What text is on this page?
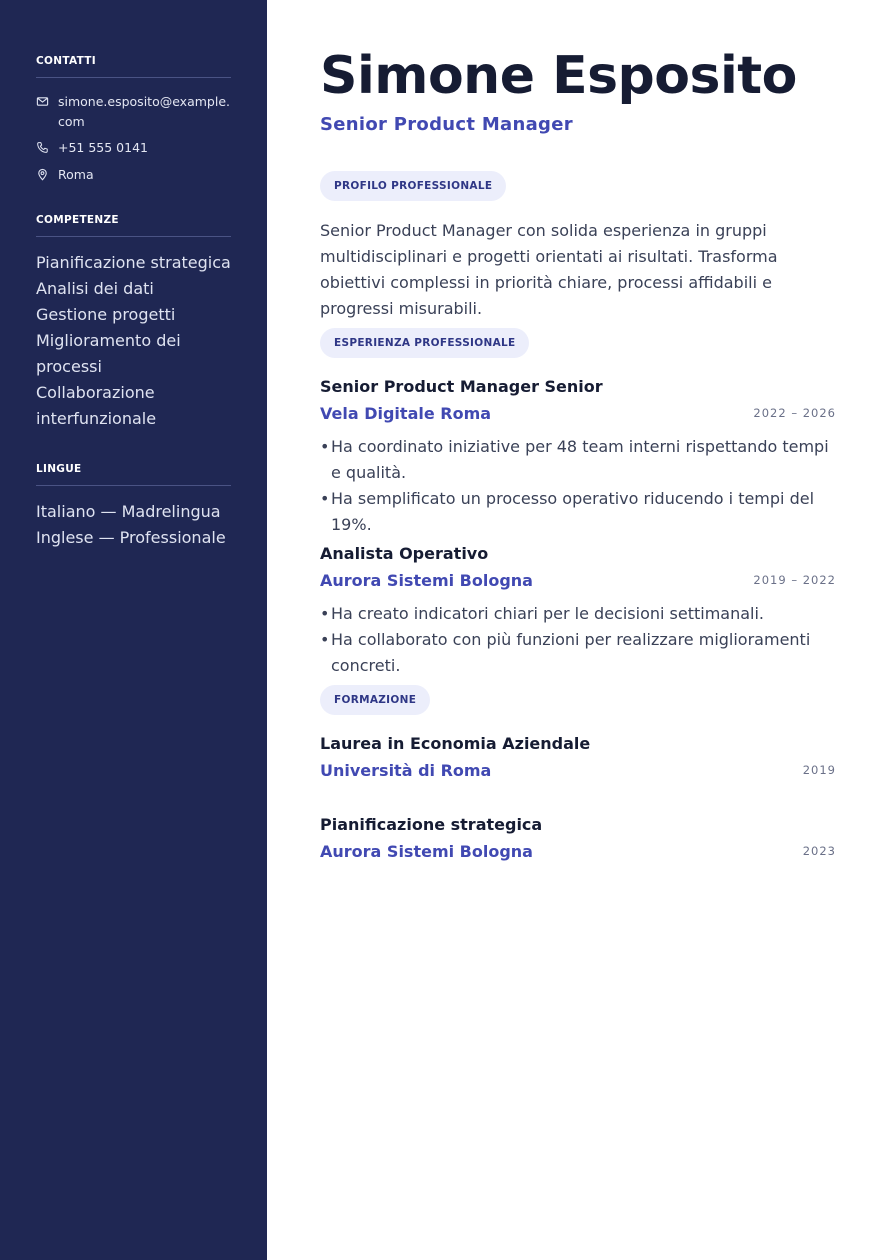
CONTATTI
simone.esposito@example.com
+51 555 0141
Roma
COMPETENZE
Pianificazione strategica
Analisi dei dati
Gestione progetti
Miglioramento dei processi
Collaborazione interfunzionale
LINGUE
Italiano — Madrelingua
Inglese — Professionale
Simone Esposito
Senior Product Manager
PROFILO PROFESSIONALE

Senior Product Manager con solida esperienza in gruppi multidisciplinari e progetti orientati ai risultati. Trasforma obiettivi complessi in priorità chiare, processi affidabili e progressi misurabili.

ESPERIENZA PROFESSIONALE
Senior Product Manager Senior
Vela Digitale Roma	2022 – 2026
• Ha coordinato iniziative per 48 team interni rispettando tempi e qualità.
• Ha semplificato un processo operativo riducendo i tempi del 19%.
Analista Operativo
Aurora Sistemi Bologna	2019 – 2022
• Ha creato indicatori chiari per le decisioni settimanali.
• Ha collaborato con più funzioni per realizzare miglioramenti concreti.
FORMAZIONE
Laurea in Economia Aziendale
Università di Roma	2019
Pianificazione strategica
Aurora Sistemi Bologna	2023
